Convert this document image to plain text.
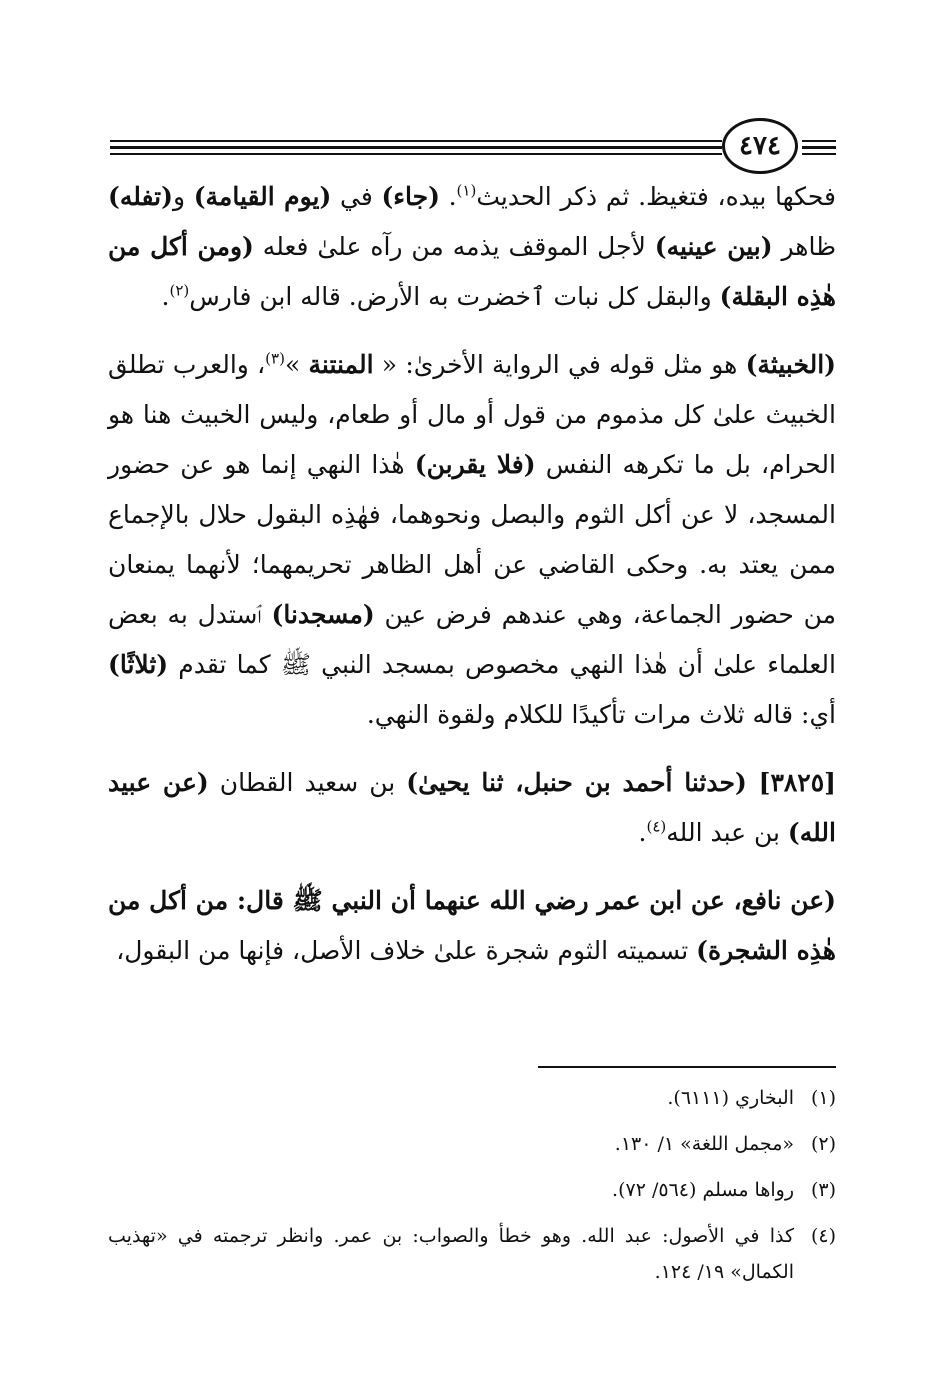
٤٧٤

فحكها بيده، فتغيظ. ثم ذكر الحديث$^{(١)}$. (جاء) في (يوم القيامة) و(تفله) ظاهر (بين عينيه) لأجل الموقف يذمه من رآه علىٰ فعله (ومن أكل من هٰذِه البقلة) والبقل كل نبات ٱخضرت به الأرض. قاله ابن فارس$^{(٢)}$.

(الخبيثة) هو مثل قوله في الرواية الأخرىٰ: « المنتنة »$^{(٣)}$، والعرب تطلق الخبيث علىٰ كل مذموم من قول أو مال أو طعام، وليس الخبيث هنا هو الحرام، بل ما تكرهه النفس (فلا يقربن) هٰذا النهي إنما هو عن حضور المسجد، لا عن أكل الثوم والبصل ونحوهما، فهٰذِه البقول حلال بالإجماع ممن يعتد به. وحكى القاضي عن أهل الظاهر تحريمهما؛ لأنهما يمنعان من حضور الجماعة، وهي عندهم فرض عين (مسجدنا) ٱستدل به بعض العلماء علىٰ أن هٰذا النهي مخصوص بمسجد النبي ﷺ كما تقدم (ثلاثًا) أي: قاله ثلاث مرات تأكيدًا للكلام ولقوة النهي.

[٣٨٢٥] (حدثنا أحمد بن حنبل، ثنا يحيىٰ) بن سعيد القطان (عن عبيد الله) بن عبد الله$^{(٤)}$.

(عن نافع، عن ابن عمر رضي الله عنهما أن النبي ﷺ قال: من أكل من هٰذِه الشجرة) تسميته الثوم شجرة علىٰ خلاف الأصل، فإنها من البقول،

(١)
البخاري (٦١١١).
(٢)
«مجمل اللغة» ١/ ١٣٠.
(٣)
رواها مسلم (٥٦٤/ ٧٢).
(٤)
كذا في الأصول: عبد الله. وهو خطأ والصواب: بن عمر. وانظر ترجمته في «تهذيب الكمال» ١٩/ ١٢٤.
